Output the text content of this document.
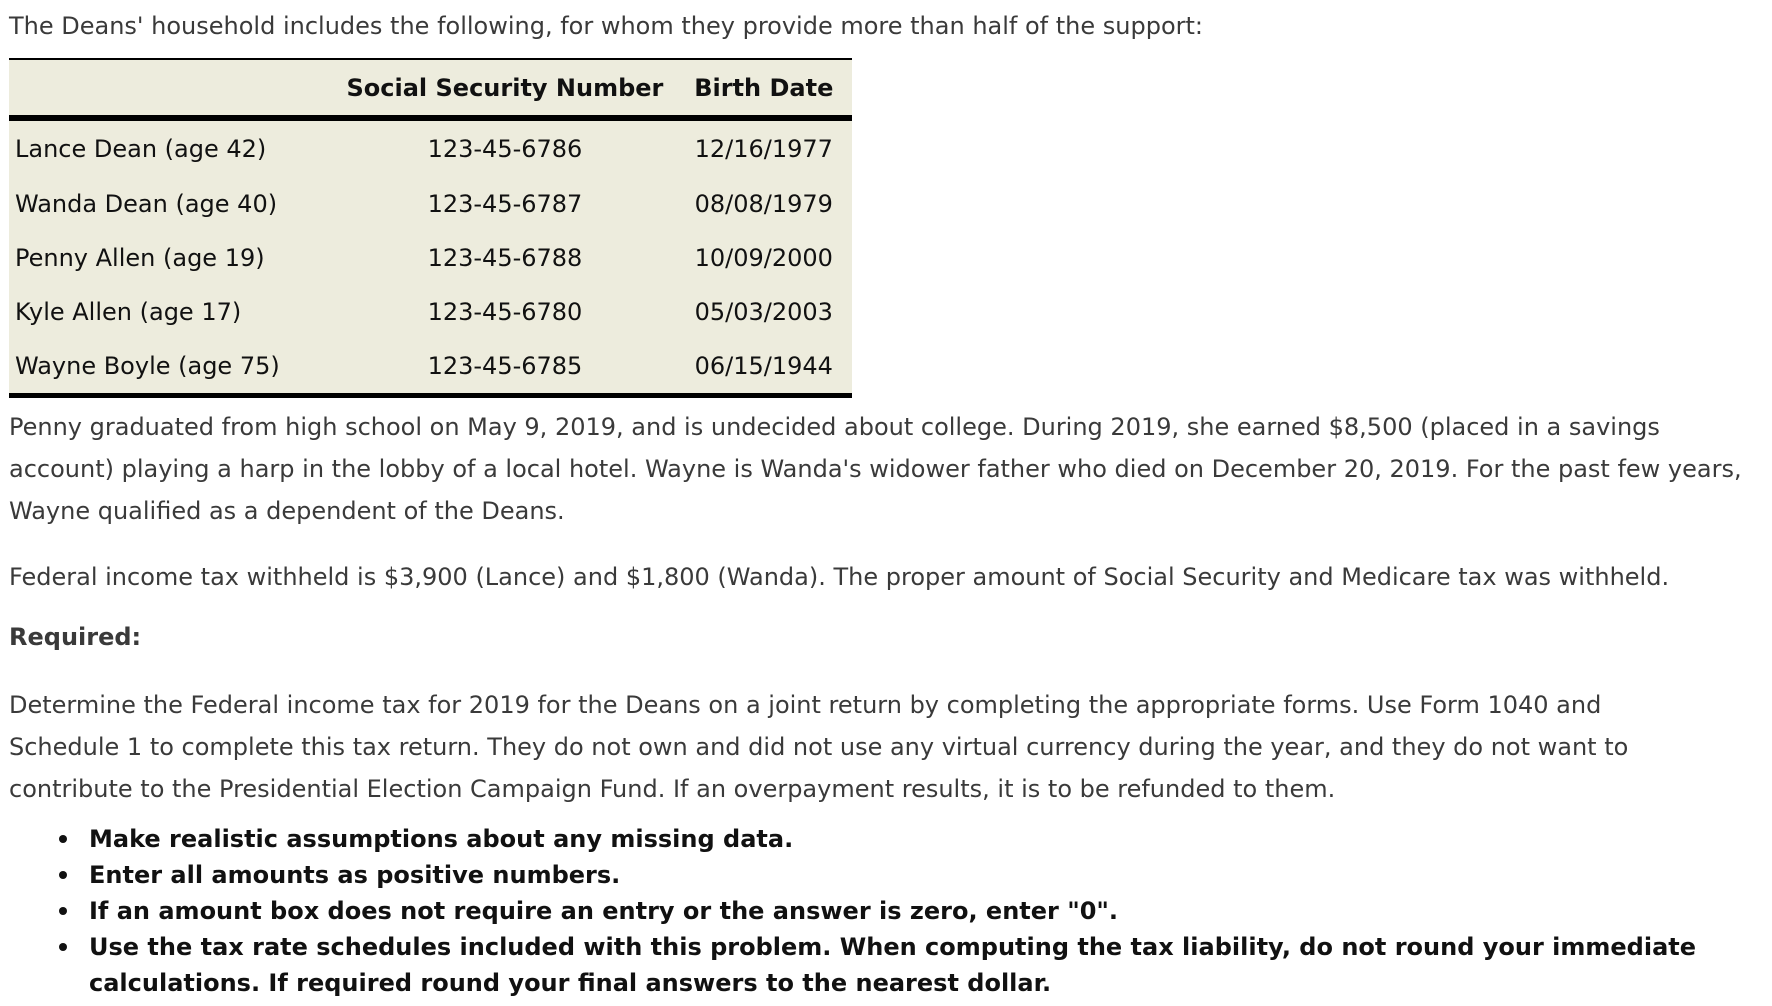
The Deans' household includes the following, for whom they provide more than half of the support:

	Social Security Number	Birth Date
Lance Dean (age 42)	123-45-6786	12/16/1977
Wanda Dean (age 40)	123-45-6787	08/08/1979
Penny Allen (age 19)	123-45-6788	10/09/2000
Kyle Allen (age 17)	123-45-6780	05/03/2003
Wayne Boyle (age 75)	123-45-6785	06/15/1944

Penny graduated from high school on May 9, 2019, and is undecided about college. During 2019, she earned $8,500 (placed in a savings account) playing a harp in the lobby of a local hotel. Wayne is Wanda's widower father who died on December 20, 2019. For the past few years, Wayne qualified as a dependent of the Deans.

Federal income tax withheld is $3,900 (Lance) and $1,800 (Wanda). The proper amount of Social Security and Medicare tax was withheld.

Required:

Determine the Federal income tax for 2019 for the Deans on a joint return by completing the appropriate forms. Use Form 1040 and Schedule 1 to complete this tax return. They do not own and did not use any virtual currency during the year, and they do not want to contribute to the Presidential Election Campaign Fund. If an overpayment results, it is to be refunded to them.

Make realistic assumptions about any missing data.
Enter all amounts as positive numbers.
If an amount box does not require an entry or the answer is zero, enter "0".
Use the tax rate schedules included with this problem. When computing the tax liability, do not round your immediate calculations. If required round your final answers to the nearest dollar.
